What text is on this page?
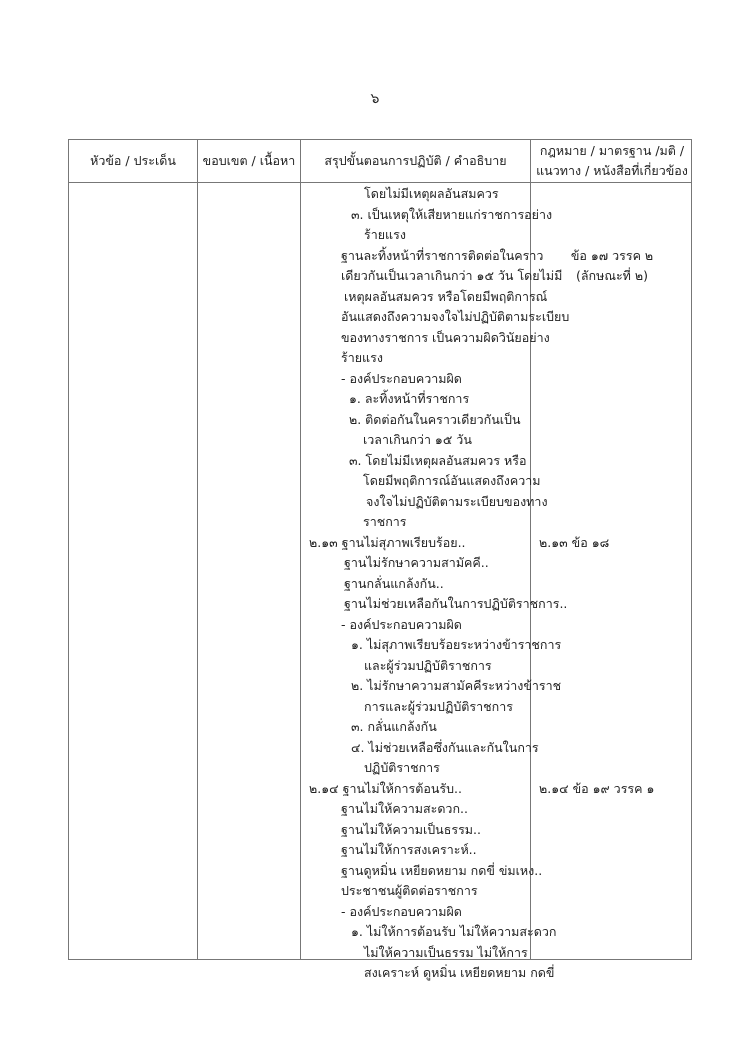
๖
หัวข้อ / ประเด็น	ขอบเขต / เนื้อหา	สรุปขั้นตอนการปฏิบัติ / คำอธิบาย
กฎหมาย / มาตรฐาน /มติ /
แนวทาง / หนังสือที่เกี่ยวข้อง
โดยไม่มีเหตุผลอันสมควร
๓. เป็นเหตุให้เสียหายแก่ราชการอย่าง
ร้ายแรง
ฐานละทิ้งหน้าที่ราชการติดต่อในคราว
เดียวกันเป็นเวลาเกินกว่า ๑๕ วัน โดยไม่มี
เหตุผลอันสมควร หรือโดยมีพฤติการณ์
อันแสดงถึงความจงใจไม่ปฏิบัติตามระเบียบ
ของทางราชการ เป็นความผิดวินัยอย่าง
ร้ายแรง
- องค์ประกอบความผิด
๑. ละทิ้งหน้าที่ราชการ
๒. ติดต่อกันในคราวเดียวกันเป็น
เวลาเกินกว่า ๑๕ วัน
๓. โดยไม่มีเหตุผลอันสมควร หรือ
โดยมีพฤติการณ์อันแสดงถึงความ
จงใจไม่ปฏิบัติตามระเบียบของทาง
ราชการ
๒.๑๓ ฐานไม่สุภาพเรียบร้อย..
ฐานไม่รักษาความสามัคคี..
ฐานกลั่นแกล้งกัน..
ฐานไม่ช่วยเหลือกันในการปฏิบัติราชการ..
- องค์ประกอบความผิด
๑. ไม่สุภาพเรียบร้อยระหว่างข้าราชการ
และผู้ร่วมปฏิบัติราชการ
๒. ไม่รักษาความสามัคคีระหว่างข้าราช
การและผู้ร่วมปฏิบัติราชการ
๓. กลั่นแกล้งกัน
๔. ไม่ช่วยเหลือซึ่งกันและกันในการ
ปฏิบัติราชการ
๒.๑๔ ฐานไม่ให้การต้อนรับ..
ฐานไม่ให้ความสะดวก..
ฐานไม่ให้ความเป็นธรรม..
ฐานไม่ให้การสงเคราะห์..
ฐานดูหมิ่น เหยียดหยาม กดขี่ ข่มเหง..
ประชาชนผู้ติดต่อราชการ
- องค์ประกอบความผิด
๑. ไม่ให้การต้อนรับ ไม่ให้ความสะดวก
ไม่ให้ความเป็นธรรม ไม่ให้การ
สงเคราะห์ ดูหมิ่น เหยียดหยาม กดขี่
ข้อ ๑๗ วรรค ๒
(ลักษณะที่ ๒)
๒.๑๓ ข้อ ๑๘
๒.๑๔ ข้อ ๑๙ วรรค ๑
